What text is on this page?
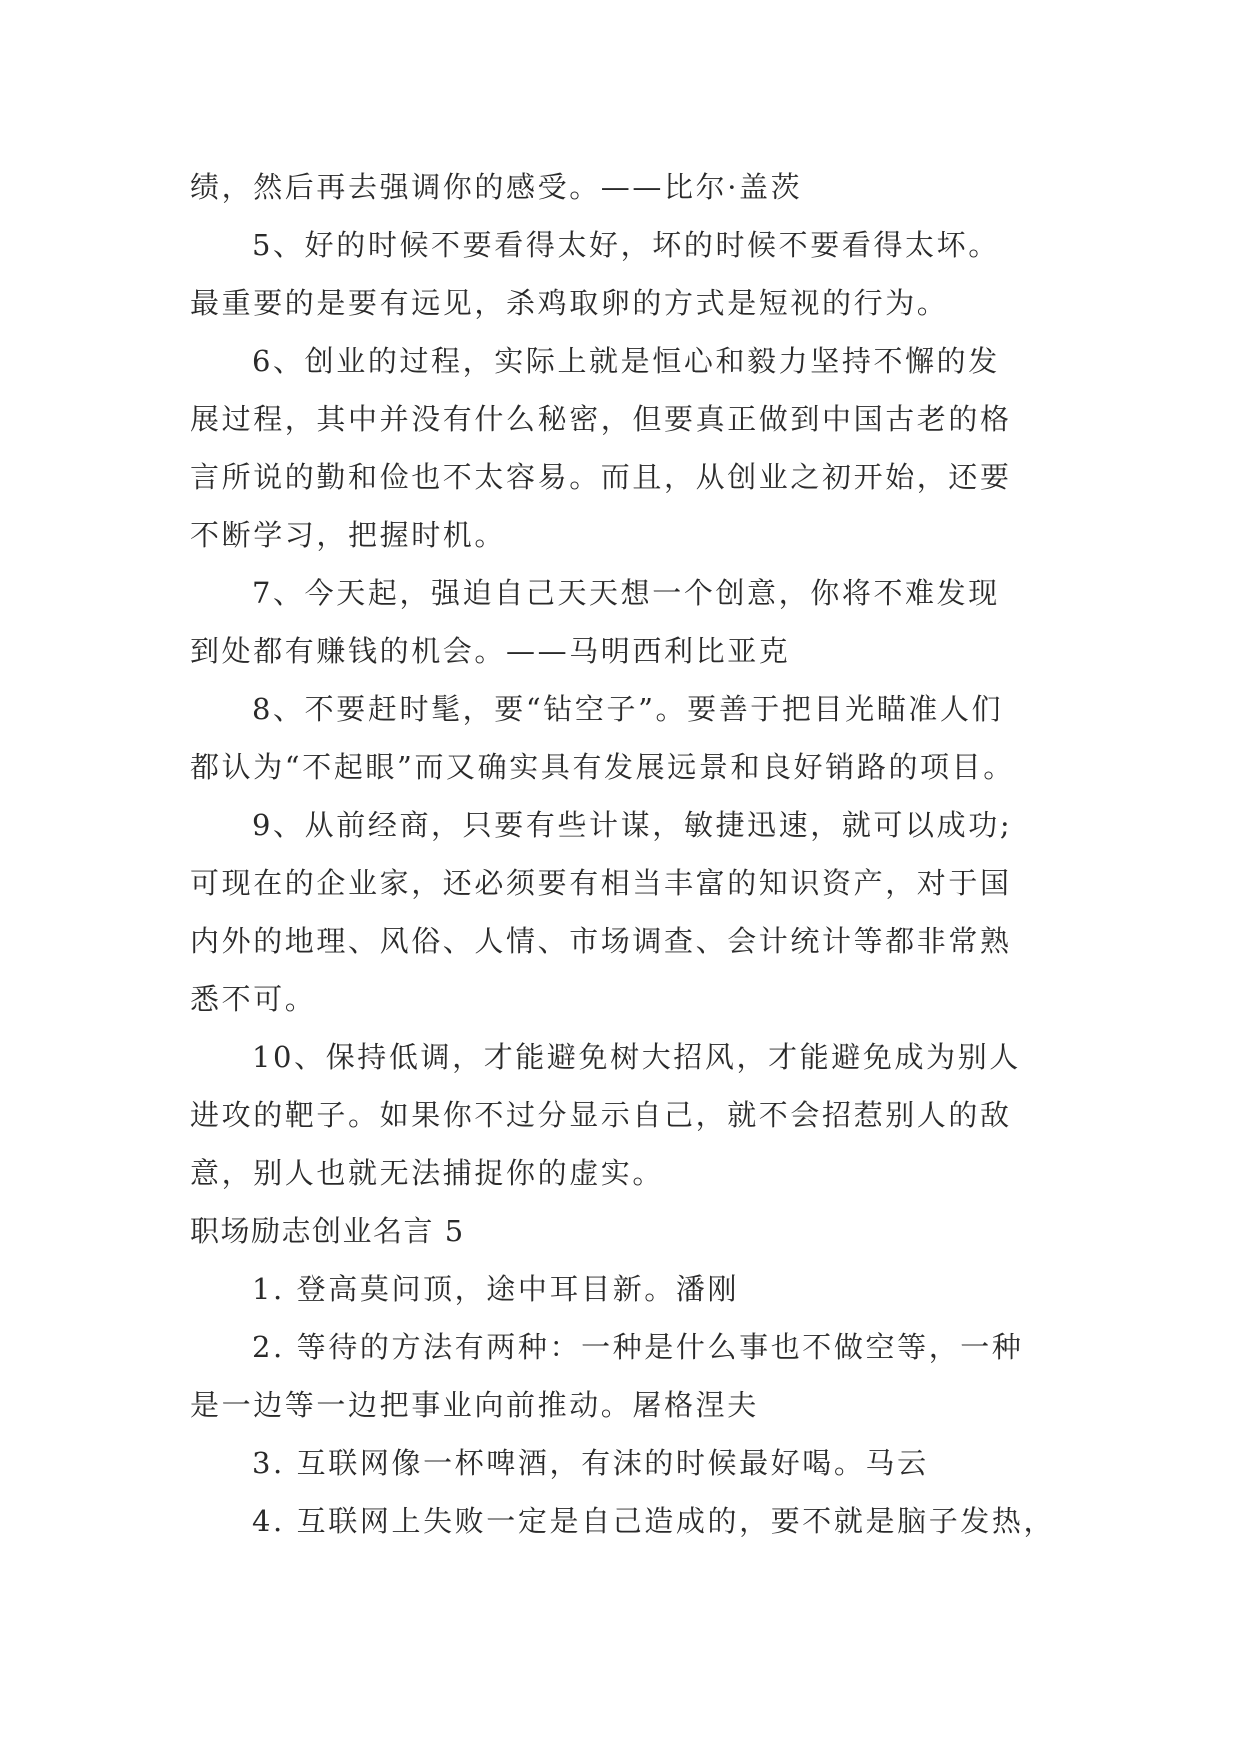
绩，然后再去强调你的感受。——比尔·盖茨
5、好的时候不要看得太好，坏的时候不要看得太坏。
最重要的是要有远见，杀鸡取卵的方式是短视的行为。
6、创业的过程，实际上就是恒心和毅力坚持不懈的发
展过程，其中并没有什么秘密，但要真正做到中国古老的格
言所说的勤和俭也不太容易。而且，从创业之初开始，还要
不断学习，把握时机。
7、今天起，强迫自己天天想一个创意，你将不难发现
到处都有赚钱的机会。——马明西利比亚克
8、不要赶时髦，要“钻空子”。要善于把目光瞄准人们
都认为“不起眼”而又确实具有发展远景和良好销路的项目。
9、从前经商，只要有些计谋，敏捷迅速，就可以成功;
可现在的企业家，还必须要有相当丰富的知识资产，对于国
内外的地理、风俗、人情、市场调查、会计统计等都非常熟
悉不可。
10、保持低调，才能避免树大招风，才能避免成为别人
进攻的靶子。如果你不过分显示自己，就不会招惹别人的敌
意，别人也就无法捕捉你的虚实。
职场励志创业名言 5
1. 登高莫问顶，途中耳目新。潘刚
2. 等待的方法有两种：一种是什么事也不做空等，一种
是一边等一边把事业向前推动。屠格涅夫
3. 互联网像一杯啤酒，有沫的时候最好喝。马云
4. 互联网上失败一定是自己造成的，要不就是脑子发热，
